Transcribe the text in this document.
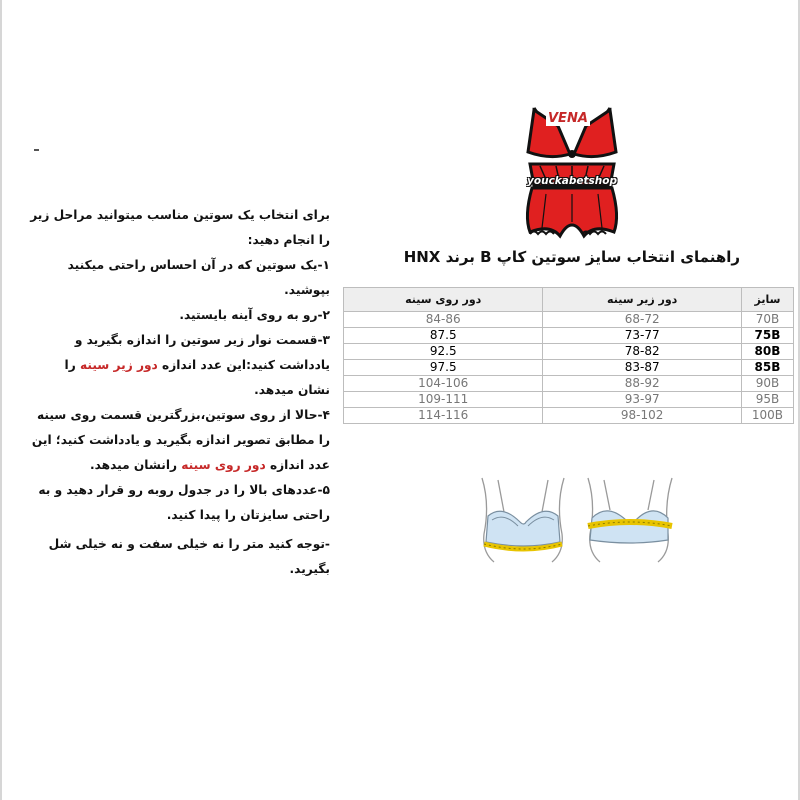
VENA
youckabetshop
راهنمای انتخاب سایز سوتین کاپ B برند HNX
سایز	دور زیر سینه	دور روی سینه
70B	68-72	84-86
75B	73-77	87.5
80B	78-82	92.5
85B	83-87	97.5
90B	88-92	104-106
95B	93-97	109-111
100B	98-102	114-116

برای انتخاب یک سوتین مناسب میتوانید مراحل زیر را انجام دهید:

۱-یک سوتین که در آن احساس راحتی میکنید بپوشید.

۲-رو به روی آینه بایستید.

۳-قسمت نوار زیر سوتین را اندازه بگیرید و یادداشت کنید:این عدد اندازه دور زیر سینه را نشان میدهد.

۴-حالا از روی سوتین،بزرگترین قسمت روی سینه را مطابق تصویر اندازه بگیرید و یادداشت کنید؛ این عدد اندازه دور روی سینه رانشان میدهد.

۵-عددهای بالا را در جدول روبه رو قرار دهید و به راحتی سایزتان را پیدا کنید.

-توجه کنید متر را نه خیلی سفت و نه خیلی شل بگیرید.
